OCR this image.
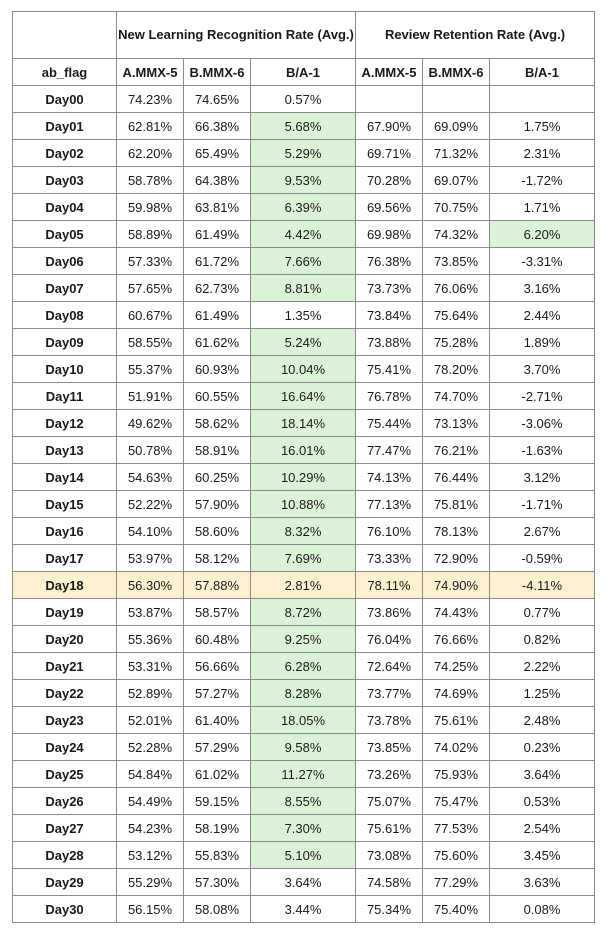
	New Learning Recognition Rate (Avg.)			Review Retention Rate (Avg.)		
ab_flag	A.MMX-5	B.MMX-6	B/A-1	A.MMX-5	B.MMX-6	B/A-1
Day00	74.23%	74.65%	0.57%			
Day01	62.81%	66.38%	5.68%	67.90%	69.09%	1.75%
Day02	62.20%	65.49%	5.29%	69.71%	71.32%	2.31%
Day03	58.78%	64.38%	9.53%	70.28%	69.07%	-1.72%
Day04	59.98%	63.81%	6.39%	69.56%	70.75%	1.71%
Day05	58.89%	61.49%	4.42%	69.98%	74.32%	6.20%
Day06	57.33%	61.72%	7.66%	76.38%	73.85%	-3.31%
Day07	57.65%	62.73%	8.81%	73.73%	76.06%	3.16%
Day08	60.67%	61.49%	1.35%	73.84%	75.64%	2.44%
Day09	58.55%	61.62%	5.24%	73.88%	75.28%	1.89%
Day10	55.37%	60.93%	10.04%	75.41%	78.20%	3.70%
Day11	51.91%	60.55%	16.64%	76.78%	74.70%	-2.71%
Day12	49.62%	58.62%	18.14%	75.44%	73.13%	-3.06%
Day13	50.78%	58.91%	16.01%	77.47%	76.21%	-1.63%
Day14	54.63%	60.25%	10.29%	74.13%	76.44%	3.12%
Day15	52.22%	57.90%	10.88%	77.13%	75.81%	-1.71%
Day16	54.10%	58.60%	8.32%	76.10%	78.13%	2.67%
Day17	53.97%	58.12%	7.69%	73.33%	72.90%	-0.59%
Day18	56.30%	57.88%	2.81%	78.11%	74.90%	-4.11%
Day19	53.87%	58.57%	8.72%	73.86%	74.43%	0.77%
Day20	55.36%	60.48%	9.25%	76.04%	76.66%	0.82%
Day21	53.31%	56.66%	6.28%	72.64%	74.25%	2.22%
Day22	52.89%	57.27%	8.28%	73.77%	74.69%	1.25%
Day23	52.01%	61.40%	18.05%	73.78%	75.61%	2.48%
Day24	52.28%	57.29%	9.58%	73.85%	74.02%	0.23%
Day25	54.84%	61.02%	11.27%	73.26%	75.93%	3.64%
Day26	54.49%	59.15%	8.55%	75.07%	75.47%	0.53%
Day27	54.23%	58.19%	7.30%	75.61%	77.53%	2.54%
Day28	53.12%	55.83%	5.10%	73.08%	75.60%	3.45%
Day29	55.29%	57.30%	3.64%	74.58%	77.29%	3.63%
Day30	56.15%	58.08%	3.44%	75.34%	75.40%	0.08%
